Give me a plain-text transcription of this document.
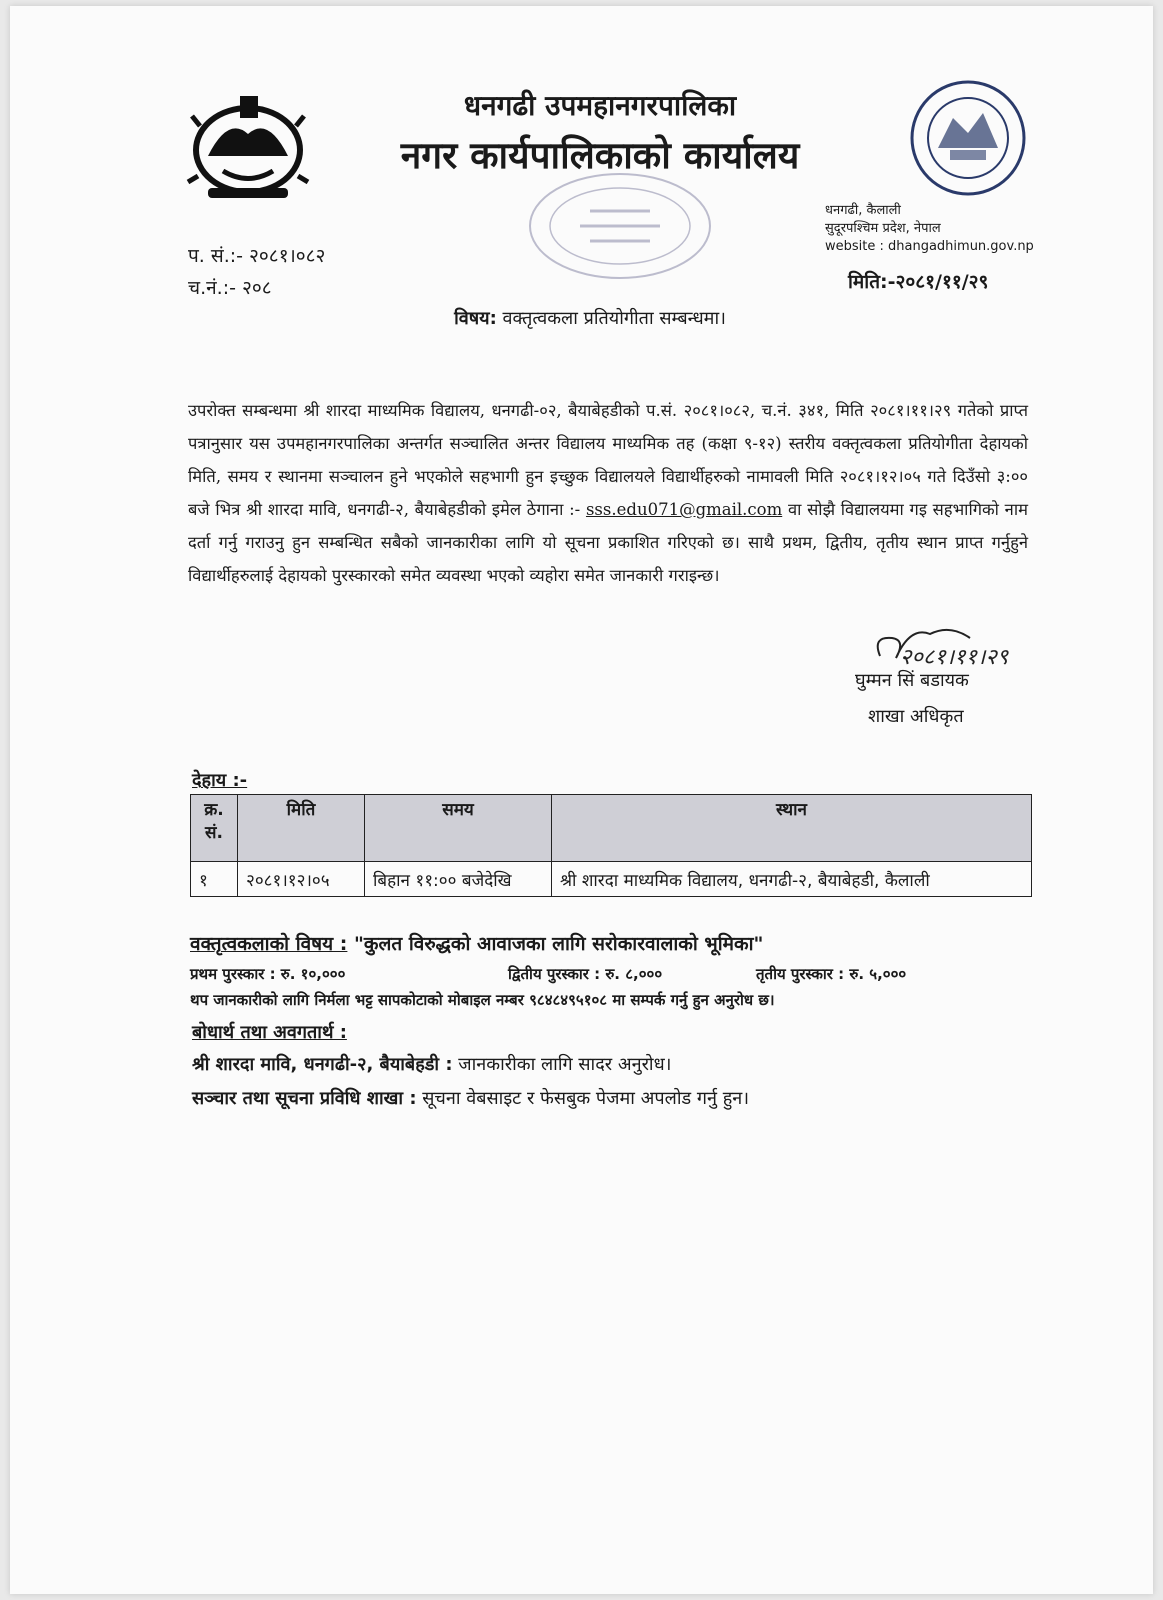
धनगढी उपमहानगरपालिका
नगर कार्यपालिकाको कार्यालय
धनगढी, कैलाली
सुदूरपश्चिम प्रदेश, नेपाल
website : dhangadhimun.gov.np
प. सं.:- २०८१।०८२
च.नं.:- २०८	मिति:-२०८१/११/२९
विषय: वक्तृत्वकला प्रतियोगीता सम्बन्धमा।
उपरोक्त सम्बन्धमा श्री शारदा माध्यमिक विद्यालय, धनगढी-०२, बैयाबेहडीको प.सं. २०८१।०८२, च.नं. ३४१, मिति २०८१।११।२९ गतेको प्राप्त पत्रानुसार यस उपमहानगरपालिका अन्तर्गत सञ्चालित अन्तर विद्यालय माध्यमिक तह (कक्षा ९-१२) स्तरीय वक्तृत्वकला प्रतियोगीता देहायको मिति, समय र स्थानमा सञ्चालन हुने भएकोले सहभागी हुन इच्छुक विद्यालयले विद्यार्थीहरुको नामावली मिति २०८१।१२।०५ गते दिउँसो ३:०० बजे भित्र श्री शारदा मावि, धनगढी-२, बैयाबेहडीको इमेल ठेगाना :- sss.edu071@gmail.com वा सोझै विद्यालयमा गइ सहभागिको नाम दर्ता गर्नु गराउनु हुन सम्बन्धित सबैको जानकारीका लागि यो सूचना प्रकाशित गरिएको छ। साथै प्रथम, द्वितीय, तृतीय स्थान प्राप्त गर्नुहुने विद्यार्थीहरुलाई देहायको पुरस्कारको समेत व्यवस्था भएको व्यहोरा समेत जानकारी गराइन्छ।
२०८१।११।२९
घुम्मन सिं बडायक
शाखा अधिकृत
देहाय :-
क्र. सं.	मिति	समय	स्थान
१	२०८१।१२।०५	बिहान ११:०० बजेदेखि	श्री शारदा माध्यमिक विद्यालय, धनगढी-२, बैयाबेहडी, कैलाली
वक्तृत्वकलाको विषय : "कुलत विरुद्धको आवाजका लागि सरोकारवालाको भूमिका"
प्रथम पुरस्कार : रु. १०,०००	द्वितीय पुरस्कार : रु. ८,०००	तृतीय पुरस्कार : रु. ५,०००
थप जानकारीको लागि निर्मला भट्ट सापकोटाको मोबाइल नम्बर ९८४८४९५१०८ मा सम्पर्क गर्नु हुन अनुरोध छ।
बोधार्थ तथा अवगतार्थ :
श्री शारदा मावि, धनगढी-२, बैयाबेहडी : जानकारीका लागि सादर अनुरोध।
सञ्चार तथा सूचना प्रविधि शाखा : सूचना वेबसाइट र फेसबुक पेजमा अपलोड गर्नु हुन।
